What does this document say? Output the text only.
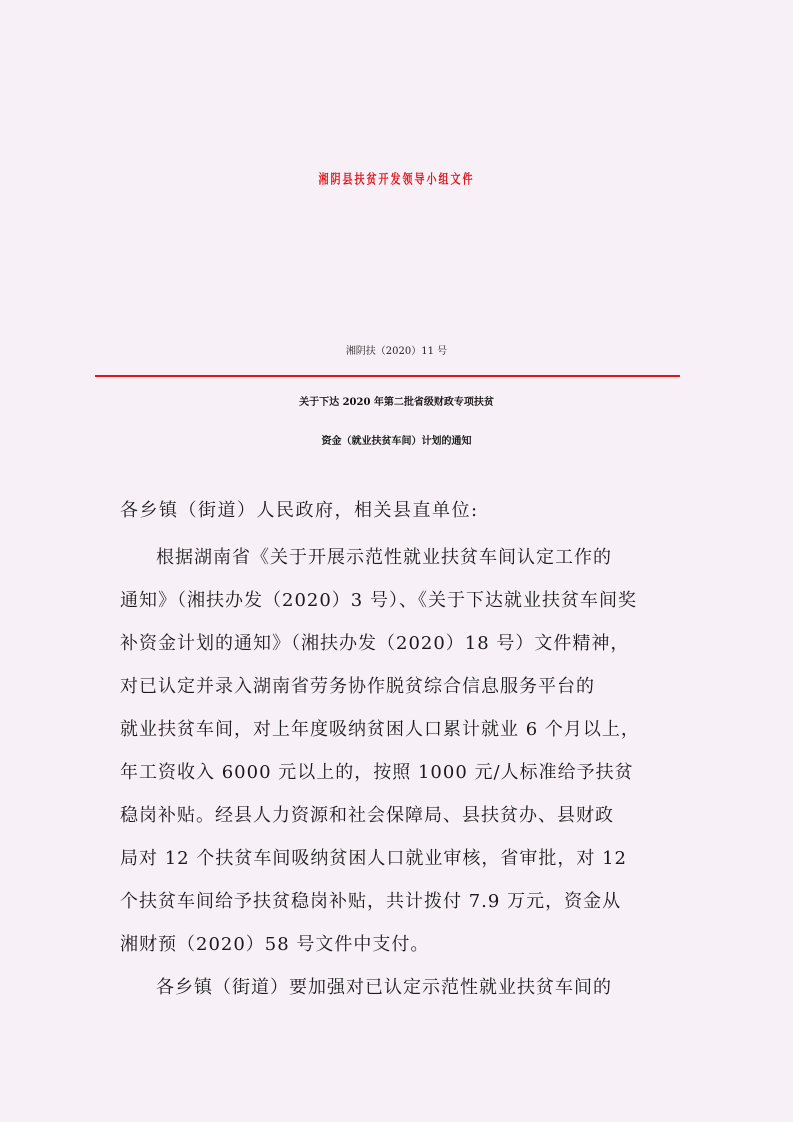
湘阴县扶贫开发领导小组文件
湘阴扶（2020）11 号
关于下达 2020 年第二批省级财政专项扶贫
资金（就业扶贫车间）计划的通知
各乡镇（街道）人民政府，相关县直单位:
根据湖南省《关于开展示范性就业扶贫车间认定工作的
通知》（湘扶办发（2020）3 号）、《关于下达就业扶贫车间奖
补资金计划的通知》（湘扶办发（2020）18 号）文件精神，
对已认定并录入湖南省劳务协作脱贫综合信息服务平台的
就业扶贫车间，对上年度吸纳贫困人口累计就业 6 个月以上，
年工资收入 6000 元以上的，按照 1000 元/人标准给予扶贫
稳岗补贴。经县人力资源和社会保障局、县扶贫办、县财政
局对 12 个扶贫车间吸纳贫困人口就业审核，省审批，对 12
个扶贫车间给予扶贫稳岗补贴，共计拨付 7.9 万元，资金从
湘财预（2020）58 号文件中支付。
各乡镇（街道）要加强对已认定示范性就业扶贫车间的
